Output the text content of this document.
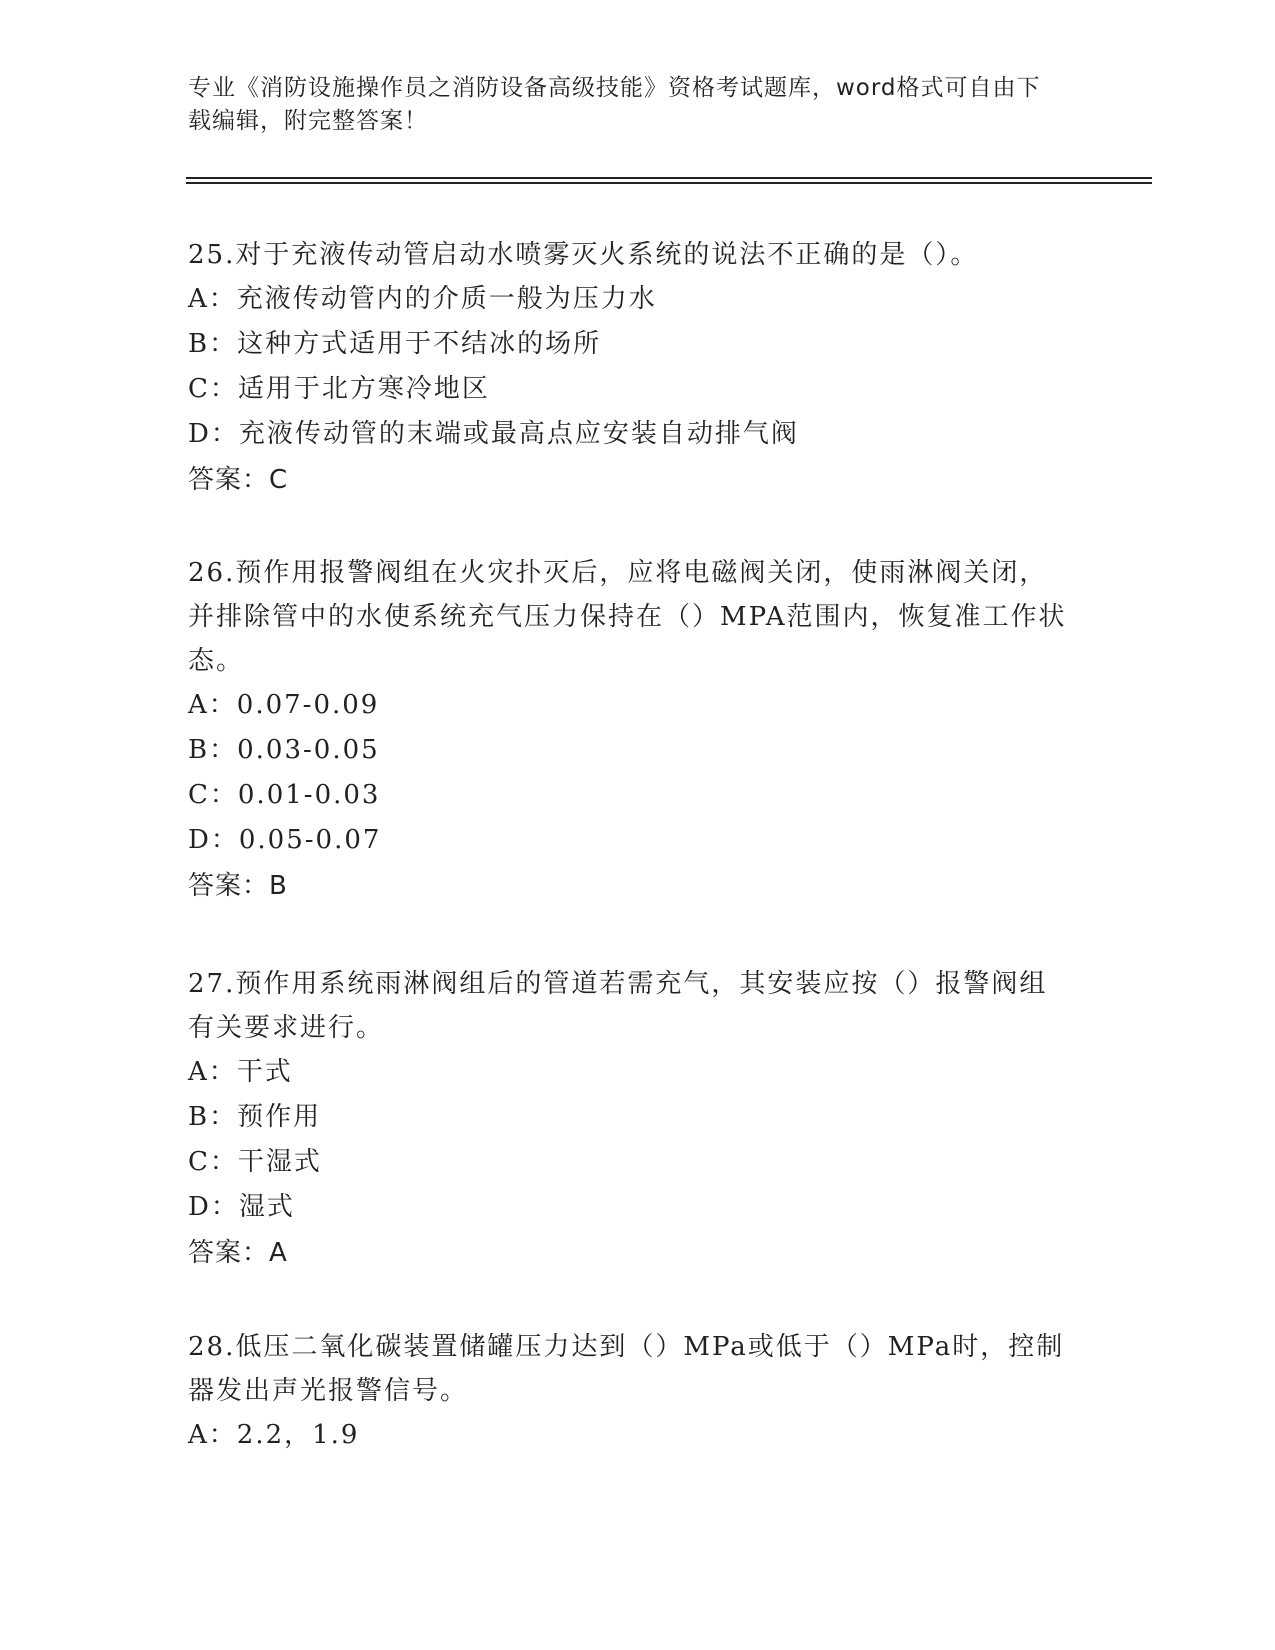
专业《消防设施操作员之消防设备高级技能》资格考试题库，word格式可自由下
载编辑，附完整答案！
25.对于充液传动管启动水喷雾灭火系统的说法不正确的是（）。
A：充液传动管内的介质一般为压力水
B：这种方式适用于不结冰的场所
C：适用于北方寒冷地区
D：充液传动管的末端或最高点应安装自动排气阀
答案：C
26.预作用报警阀组在火灾扑灭后，应将电磁阀关闭，使雨淋阀关闭，
并排除管中的水使系统充气压力保持在（）MPA范围内，恢复准工作状
态。
A：0.07-0.09
B：0.03-0.05
C：0.01-0.03
D：0.05-0.07
答案：B
27.预作用系统雨淋阀组后的管道若需充气，其安装应按（）报警阀组
有关要求进行。
A：干式
B：预作用
C：干湿式
D：湿式
答案：A
28.低压二氧化碳装置储罐压力达到（）MPa或低于（）MPa时，控制
器发出声光报警信号。
A：2.2，1.9
